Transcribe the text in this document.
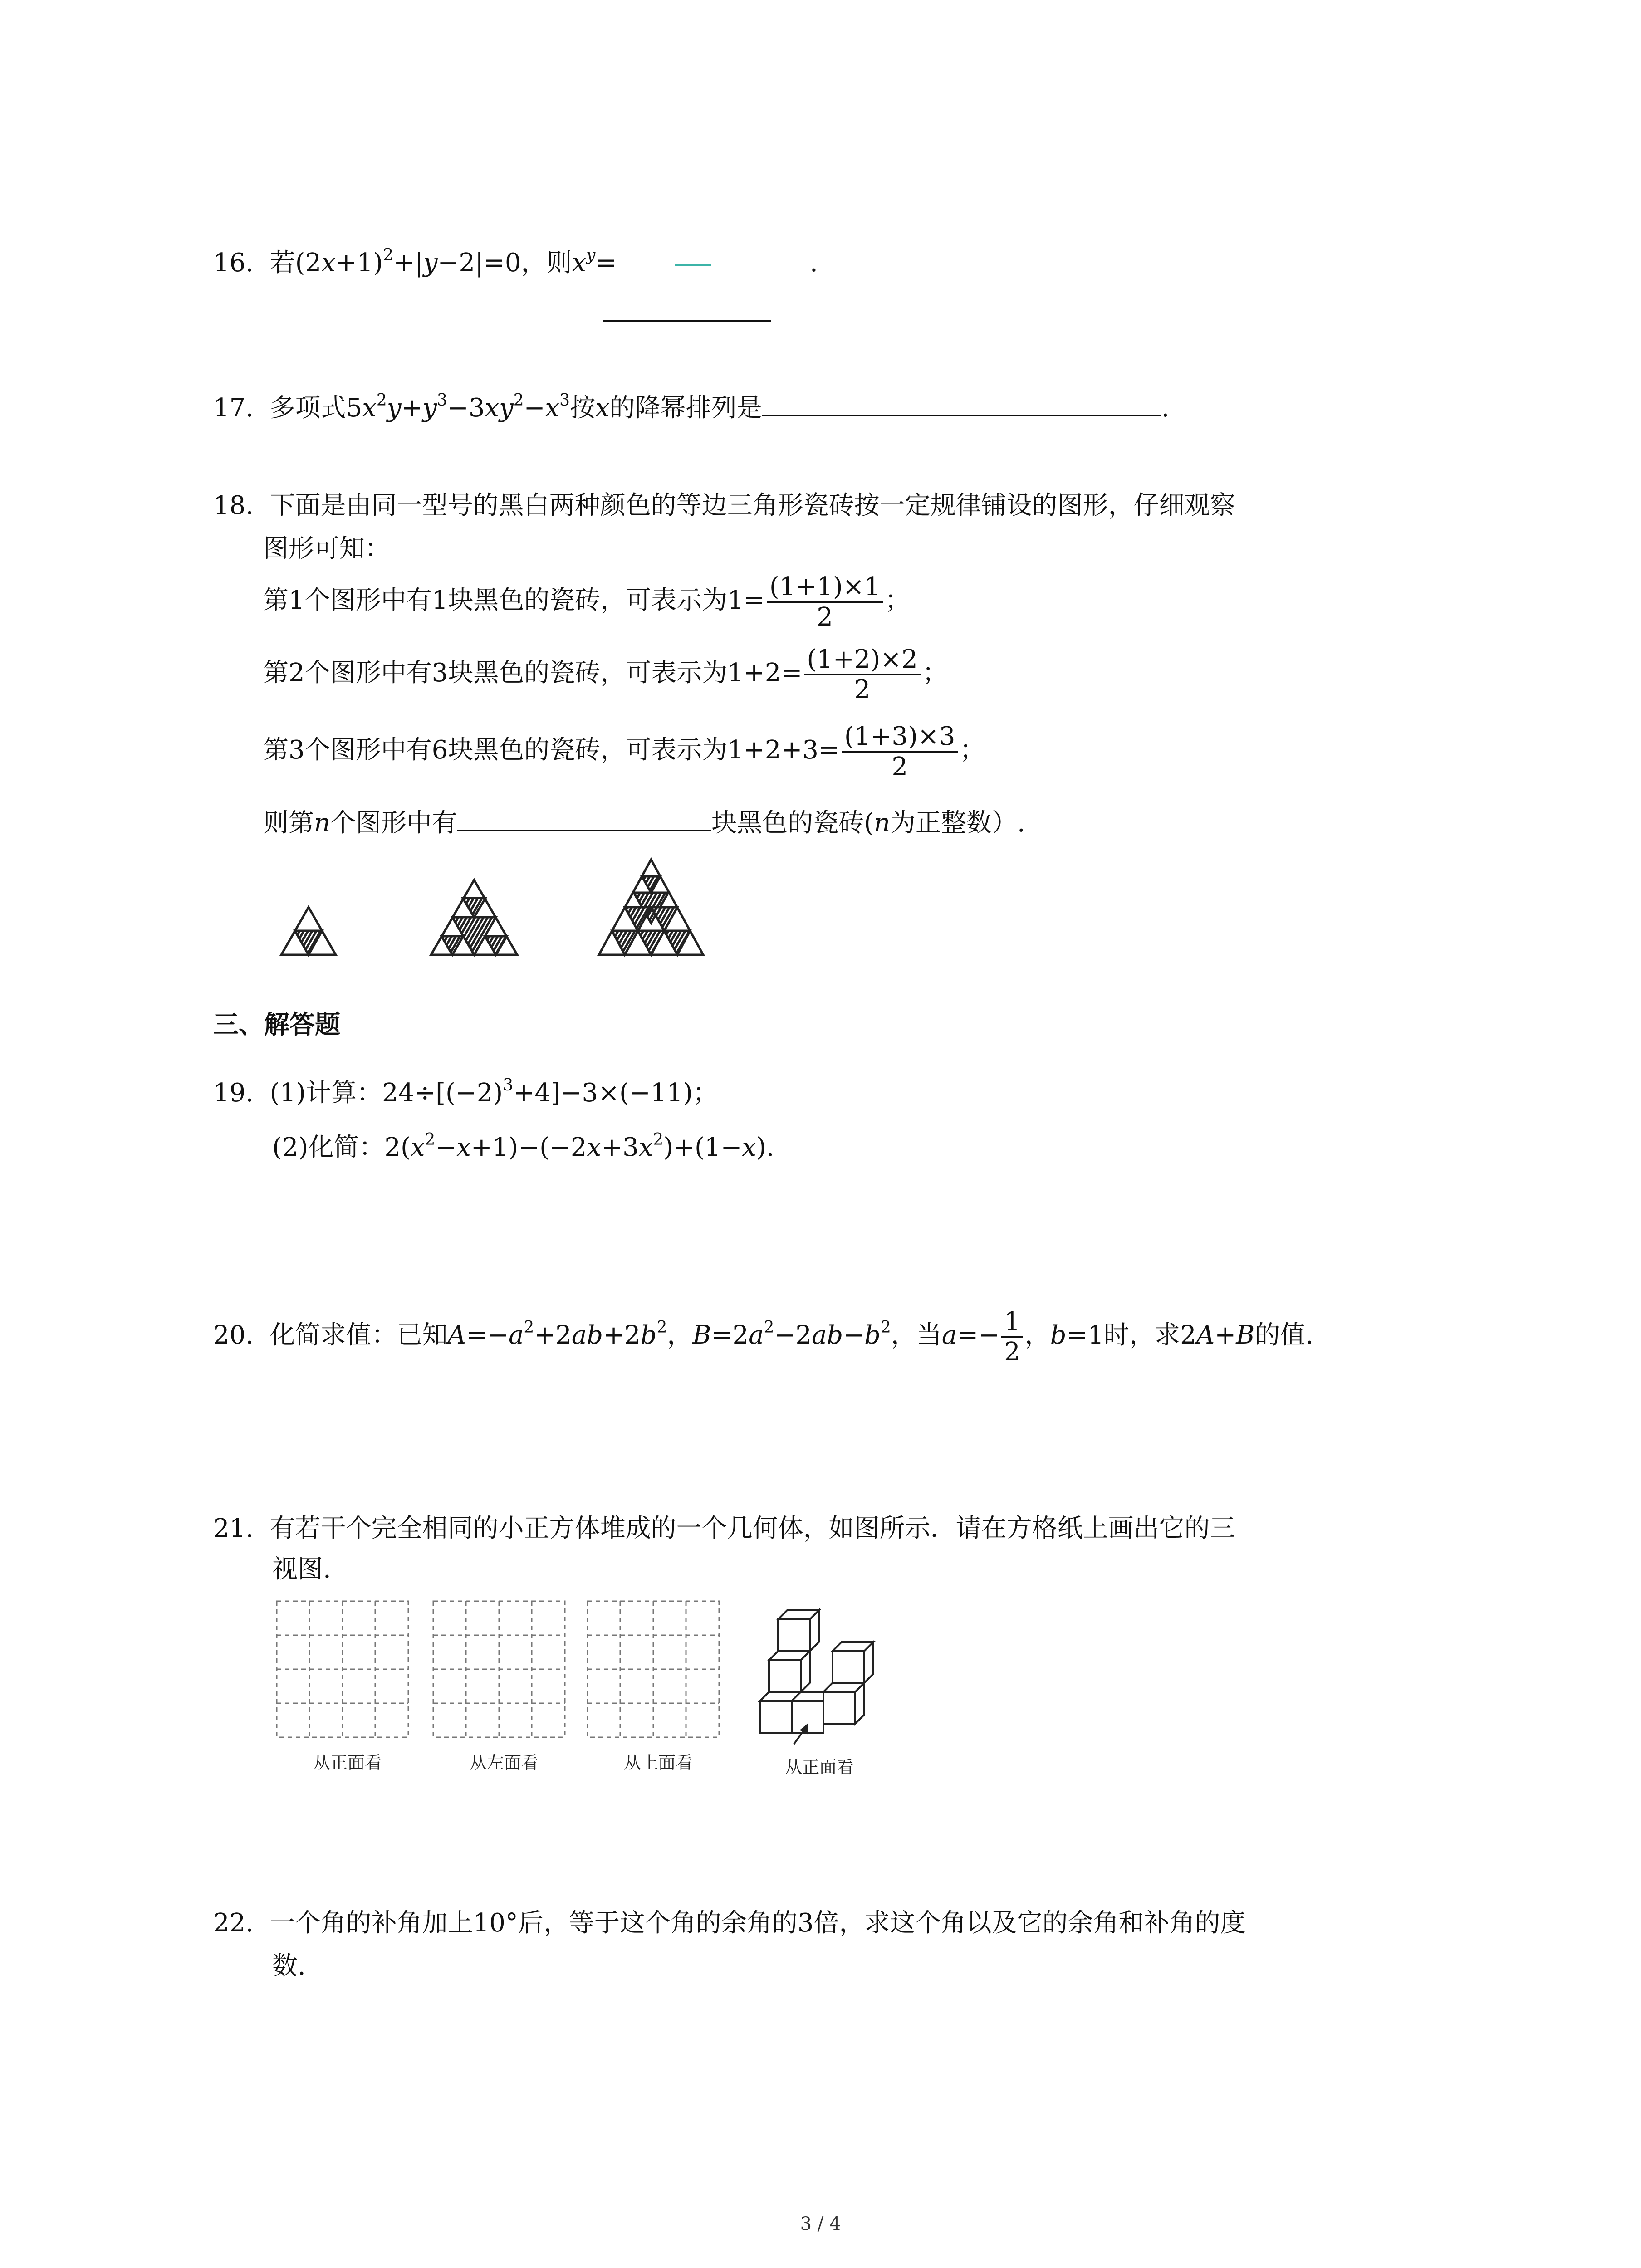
16. 若$(2x+1)^2+|y-2|=0$，则$x^y=$	.
17. 多项式$5x^2y+y^3-3xy^2-x^3$按x的降幂排列是	.
18. 下面是由同一型号的黑白两种颜色的等边三角形瓷砖按一定规律铺设的图形，仔细观察
图形可知：
第1个图形中有1块黑色的瓷砖，可表示为$1= \frac{(1+1)\times 1}{2}$ ；
第2个图形中有3块黑色的瓷砖，可表示为$1+2= \frac{(1+2)\times 2}{2}$ ；
第3个图形中有6块黑色的瓷砖，可表示为$1+2+3= \frac{(1+3)\times 3}{2}$ ；
则第n个图形中有	块黑色的瓷砖(n为正整数）.
三、解答题
19. (1)计算：$24\div[(-2)^3+4]-3\times(-11)$；
(2)化简：$2(x^2-x+1)-(-2x+3x^2)+(1-x)$.
20. 化简求值：已知$A=-a^2+2ab+2b^2$，$B=2a^2-2ab-b^2$，当$a=- \frac{1}{2}$ ，b=1时，求2A+B的值.
21. 有若干个完全相同的小正方体堆成的一个几何体，如图所示．请在方格纸上画出它的三
视图.
从正面看	从左面看	从上面看	从正面看
22. 一个角的补角加上10°后，等于这个角的余角的3倍，求这个角以及它的余角和补角的度
数.
3 / 4
